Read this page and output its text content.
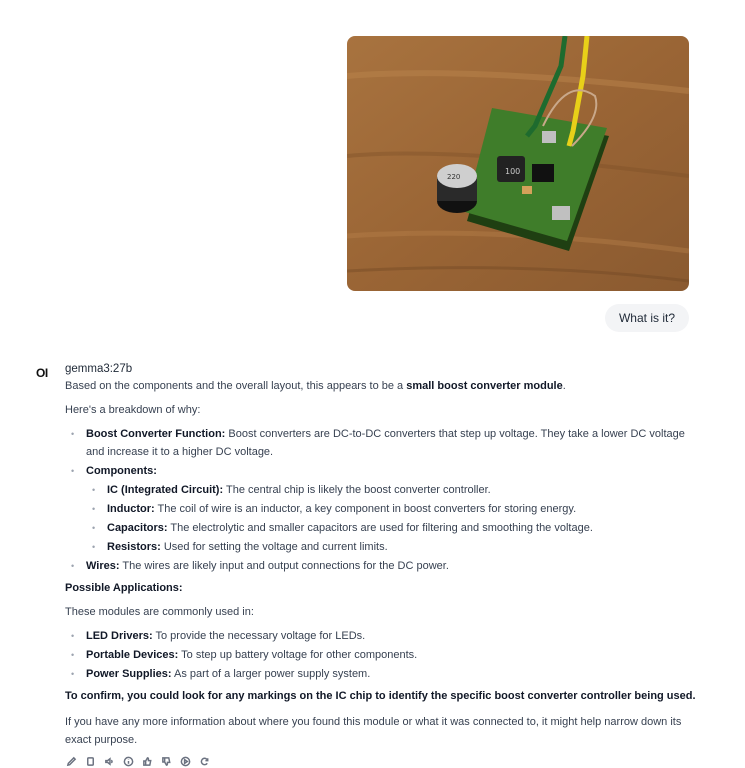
100
220
What is it?
OI gemma3:27b

Based on the components and the overall layout, this appears to be a small boost converter module.

Here's a breakdown of why:

• Boost Converter Function: Boost converters are DC-to-DC converters that step up voltage. They take a lower DC voltage and increase it to a higher DC voltage.
• Components:
• IC (Integrated Circuit): The central chip is likely the boost converter controller.
• Inductor: The coil of wire is an inductor, a key component in boost converters for storing energy.
• Capacitors: The electrolytic and smaller capacitors are used for filtering and smoothing the voltage.
• Resistors: Used for setting the voltage and current limits.
• Wires: The wires are likely input and output connections for the DC power.
Possible Applications:

These modules are commonly used in:

• LED Drivers: To provide the necessary voltage for LEDs.
• Portable Devices: To step up battery voltage for other components.
• Power Supplies: As part of a larger power supply system.
To confirm, you could look for any markings on the IC chip to identify the specific boost converter controller being used.

If you have any more information about where you found this module or what it was connected to, it might help narrow down its exact purpose.
